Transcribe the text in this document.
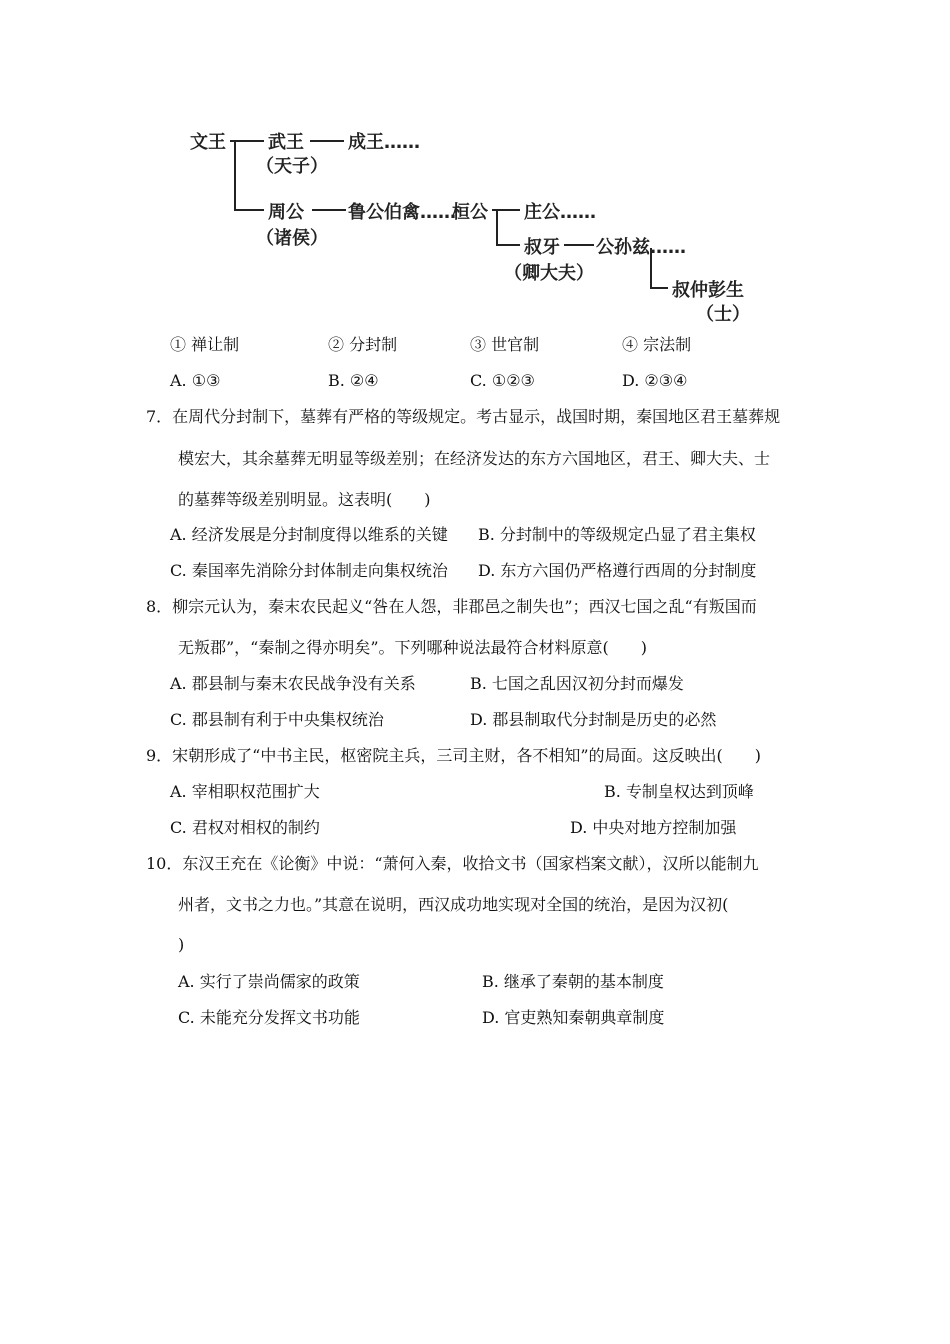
文王 武王 成王……
（天子）
周公 鲁公伯禽……
桓公
（诸侯）
庄公……
叔牙 公孙兹……
（卿大夫）
叔仲彭生
（士）
① 禅让制	② 分封制	③ 世官制	④ 宗法制
A. ①③	B. ②④	C. ①②③	D. ②③④
7．在周代分封制下，墓葬有严格的等级规定。考古显示，战国时期，秦国地区君王墓葬规
模宏大，其余墓葬无明显等级差别；在经济发达的东方六国地区，君王、卿大夫、士
的墓葬等级差别明显。这表明(　　)
A. 经济发展是分封制度得以维系的关键 B. 分封制中的等级规定凸显了君主集权
C. 秦国率先消除分封体制走向集权统治 D. 东方六国仍严格遵行西周的分封制度
8．柳宗元认为，秦末农民起义“咎在人怨，非郡邑之制失也”；西汉七国之乱“有叛国而
无叛郡”，“秦制之得亦明矣”。下列哪种说法最符合材料原意(　　)
A. 郡县制与秦末农民战争没有关系	B. 七国之乱因汉初分封而爆发
C. 郡县制有利于中央集权统治	D. 郡县制取代分封制是历史的必然
9．宋朝形成了“中书主民，枢密院主兵，三司主财，各不相知”的局面。这反映出(　　)
A. 宰相职权范围扩大	B. 专制皇权达到顶峰
C. 君权对相权的制约	D. 中央对地方控制加强
10．东汉王充在《论衡》中说：“萧何入秦，收拾文书（国家档案文献），汉所以能制九
州者，文书之力也。”其意在说明，西汉成功地实现对全国的统治，是因为汉初(
)
A. 实行了崇尚儒家的政策	B. 继承了秦朝的基本制度
C. 未能充分发挥文书功能	D. 官吏熟知秦朝典章制度
